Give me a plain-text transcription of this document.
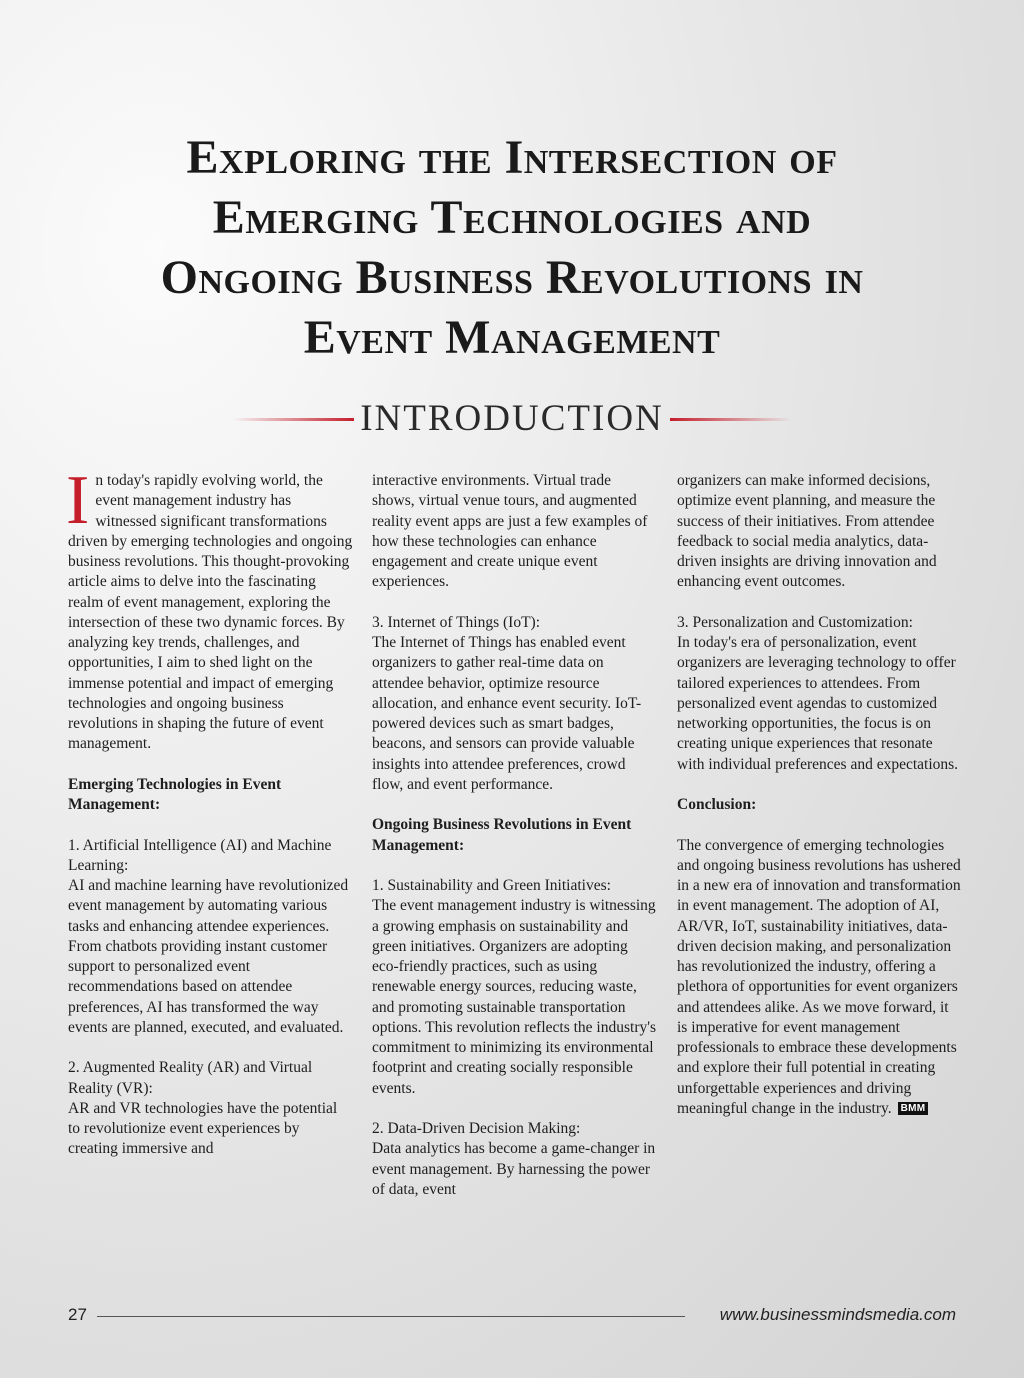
Exploring the Intersection of
Emerging Technologies and
Ongoing Business Revolutions in
Event Management
INTRODUCTION

In today's rapidly evolving world, the event management industry has witnessed significant transformations driven by emerging technologies and ongoing business revolutions. This thought-provoking article aims to delve into the fascinating realm of event management, exploring the intersection of these two dynamic forces. By analyzing key trends, challenges, and opportunities, I aim to shed light on the immense potential and impact of emerging technologies and ongoing business revolutions in shaping the future of event management.

Emerging Technologies in Event Management:

1. Artificial Intelligence (AI) and Machine Learning:

AI and machine learning have revolutionized event management by automating various tasks and enhancing attendee experiences. From chatbots providing instant customer support to personalized event recommendations based on attendee preferences, AI has transformed the way events are planned, executed, and evaluated.

2. Augmented Reality (AR) and Virtual Reality (VR):

AR and VR technologies have the potential to revolutionize event experiences by creating immersive and

interactive environments. Virtual trade shows, virtual venue tours, and augmented reality event apps are just a few examples of how these technologies can enhance engagement and create unique event experiences.

3. Internet of Things (IoT):

The Internet of Things has enabled event organizers to gather real-time data on attendee behavior, optimize resource allocation, and enhance event security. IoT-powered devices such as smart badges, beacons, and sensors can provide valuable insights into attendee preferences, crowd flow, and event performance.

Ongoing Business Revolutions in Event Management:

1. Sustainability and Green Initiatives:

The event management industry is witnessing a growing emphasis on sustainability and green initiatives. Organizers are adopting eco-friendly practices, such as using renewable energy sources, reducing waste, and promoting sustainable transportation options. This revolution reflects the industry's commitment to minimizing its environmental footprint and creating socially responsible events.

2. Data-Driven Decision Making:

Data analytics has become a game-changer in event management. By harnessing the power of data, event

organizers can make informed decisions, optimize event planning, and measure the success of their initiatives. From attendee feedback to social media analytics, data-driven insights are driving innovation and enhancing event outcomes.

3. Personalization and Customization:

In today's era of personalization, event organizers are leveraging technology to offer tailored experiences to attendees. From personalized event agendas to customized networking opportunities, the focus is on creating unique experiences that resonate with individual preferences and expectations.

Conclusion:

The convergence of emerging technologies and ongoing business revolutions has ushered in a new era of innovation and transformation in event management. The adoption of AI, AR/VR, IoT, sustainability initiatives, data-driven decision making, and personalization has revolutionized the industry, offering a plethora of opportunities for event organizers and attendees alike. As we move forward, it is imperative for event management professionals to embrace these developments and explore their full potential in creating unforgettable experiences and driving meaningful change in the industry. BMM

27	www.businessmindsmedia.com
